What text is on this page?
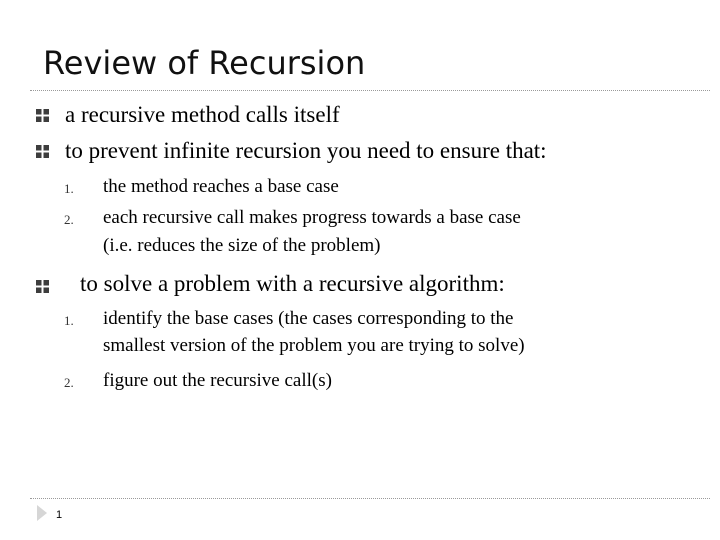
Review of Recursion
a recursive method calls itself
to prevent infinite recursion you need to ensure that:
1. the method reaches a base case
2. each recursive call makes progress towards a base case
(i.e. reduces the size of the problem)
to solve a problem with a recursive algorithm:
1. identify the base cases (the cases corresponding to the
smallest version of the problem you are trying to solve)
2. figure out the recursive call(s)
1
